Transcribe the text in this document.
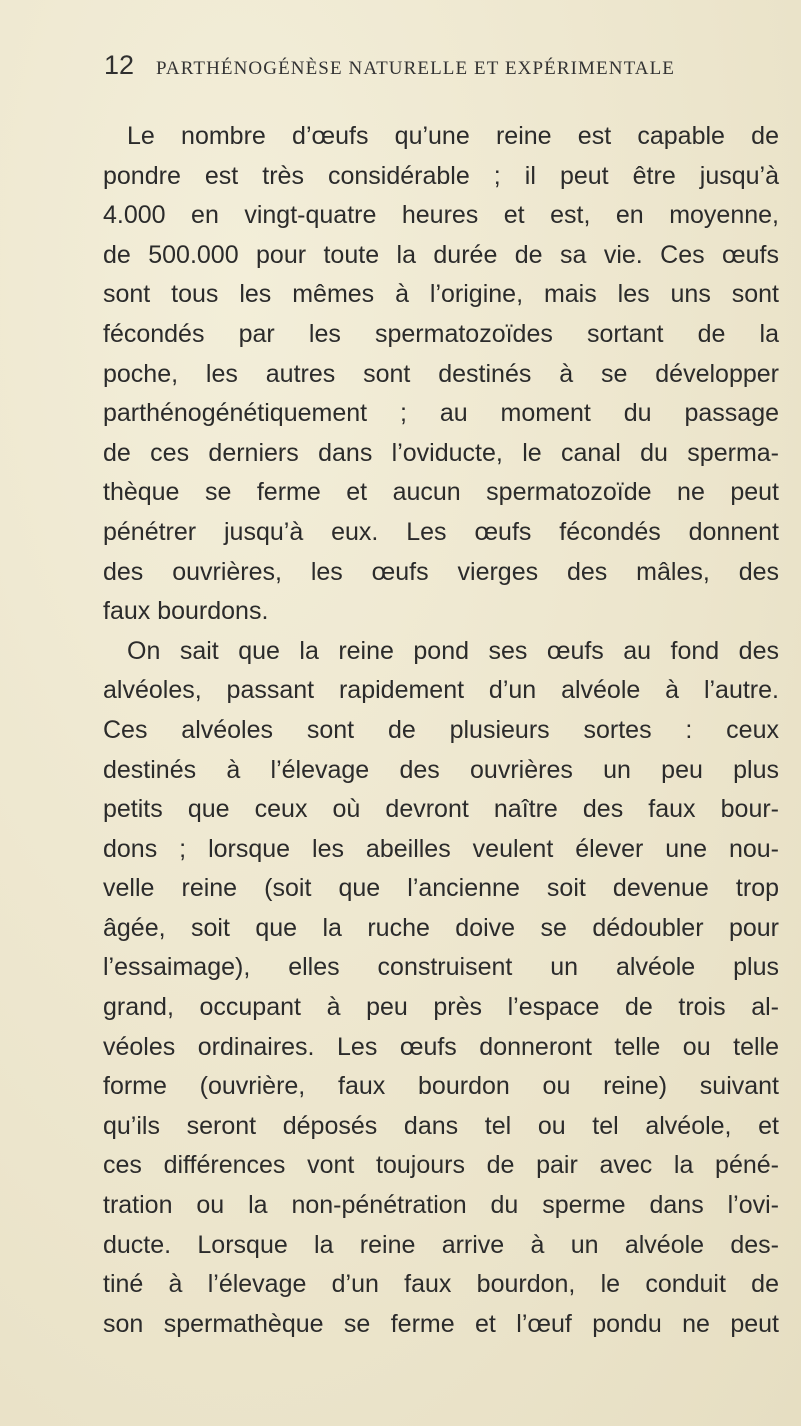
12	PARTHÉNOGÉNÈSE NATURELLE ET EXPÉRIMENTALE
Le nombre d’œufs qu’une reine est capable de
pondre est très considérable ; il peut être jusqu’à
4.000 en vingt-quatre heures et est, en moyenne,
de 500.000 pour toute la durée de sa vie. Ces œufs
sont tous les mêmes à l’origine, mais les uns sont
fécondés par les spermatozoïdes sortant de la
poche, les autres sont destinés à se développer
parthénogénétiquement ; au moment du passage
de ces derniers dans l’oviducte, le canal du sperma-
thèque se ferme et aucun spermatozoïde ne peut
pénétrer jusqu’à eux. Les œufs fécondés donnent
des ouvrières, les œufs vierges des mâles, des
faux bourdons.
On sait que la reine pond ses œufs au fond des
alvéoles, passant rapidement d’un alvéole à l’autre.
Ces alvéoles sont de plusieurs sortes : ceux
destinés à l’élevage des ouvrières un peu plus
petits que ceux où devront naître des faux bour-
dons ; lorsque les abeilles veulent élever une nou-
velle reine (soit que l’ancienne soit devenue trop
âgée, soit que la ruche doive se dédoubler pour
l’essaimage), elles construisent un alvéole plus
grand, occupant à peu près l’espace de trois al-
véoles ordinaires. Les œufs donneront telle ou telle
forme (ouvrière, faux bourdon ou reine) suivant
qu’ils seront déposés dans tel ou tel alvéole, et
ces différences vont toujours de pair avec la péné-
tration ou la non-pénétration du sperme dans l’ovi-
ducte. Lorsque la reine arrive à un alvéole des-
tiné à l’élevage d’un faux bourdon, le conduit de
son spermathèque se ferme et l’œuf pondu ne peut
